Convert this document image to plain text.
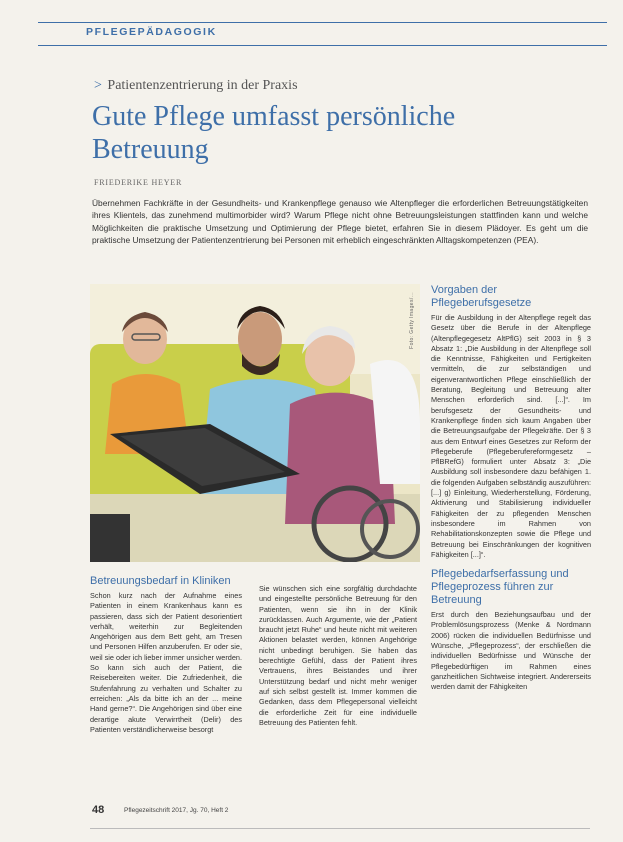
PFLEGEPÄDAGOGIK
> Patientenzentrierung in der Praxis
Gute Pflege umfasst persönliche Betreuung
FRIEDERIKE HEYER

Übernehmen Fachkräfte in der Gesundheits- und Krankenpflege genauso wie Altenpfleger die erforderlichen Betreuungstätigkeiten ihres Klientels, das zunehmend multimorbider wird? Warum Pflege nicht ohne Betreuungsleistungen stattfinden kann und welche Möglichkeiten die praktische Umsetzung und Optimierung der Pflege bietet, erfahren Sie in diesem Plädoyer. Es geht um die praktische Umsetzung der Patientenzentrierung bei Personen mit erheblich eingeschränkten Alltagskompetenzen (PEA).

Foto: Getty Images/...
Betreuungsbedarf in Kliniken

Schon kurz nach der Aufnahme eines Patienten in einem Krankenhaus kann es passieren, dass sich der Patient desorientiert verhält, weiterhin zur Begleitenden Angehörigen aus dem Bett geht, am Tresen und Personen Hilfen anzuberufen. Er oder sie, weil sie oder ich lieber immer unsicher werden. So kann sich auch der Patient, die Reisebereiten weiter. Die Zufriedenheit, die Stufenfahrung zu verhalten und Schalter zu erreichen: „Als da bitte ich an der ... meine Hand gerne?“. Die Angehörigen sind über eine derartige akute Verwirrtheit (Delir) des Patienten verständlicherweise besorgt

Sie wünschen sich eine sorgfältig durchdachte und eingestellte persönliche Betreuung für den Patienten, wenn sie ihn in der Klinik zurücklassen. Auch Argumente, wie der „Patient braucht jetzt Ruhe“ und heute nicht mit weiteren Aktionen belastet werden, können Angehörige nicht unbedingt beruhigen. Sie haben das berechtigte Gefühl, dass der Patient ihres Vertrauens, ihres Beistandes und ihrer Unterstützung bedarf und nicht mehr weniger auf sich selbst gestellt ist. Immer kommen die Gedanken, dass dem Pflegepersonal vielleicht die erforderliche Zeit für eine individuelle Betreuung des Patienten fehlt.

Vorgaben der Pflegeberufsgesetze

Für die Ausbildung in der Altenpflege regelt das Gesetz über die Berufe in der Altenpflege (Altenpflegegesetz AltPflG) seit 2003 in § 3 Absatz 1: „Die Ausbildung in der Altenpflege soll die Kenntnisse, Fähigkeiten und Fertigkeiten vermitteln, die zur selbständigen und eigenverantwortlichen Pflege einschließlich der Beratung, Begleitung und Betreuung alter Menschen erforderlich sind. [...]“. Im berufsgesetz der Gesundheits- und Krankenpflege finden sich kaum Angaben über die Betreuungsaufgabe der Pflegekräfte. Der § 3 aus dem Entwurf eines Gesetzes zur Reform der Pflegeberufe (Pflegeberufereformgesetz – PflBRefG) formuliert unter Absatz 3: „Die Ausbildung soll insbesondere dazu befähigen 1. die folgenden Aufgaben selbständig auszuführen: [...] g) Einleitung, Wiederherstellung, Förderung, Aktivierung und Stabilisierung individueller Fähigkeiten der zu pflegenden Menschen insbesondere im Rahmen von Rehabilitationskonzepten sowie die Pflege und Betreuung bei Einschränkungen der kognitiven Fähigkeiten [...]“.

Pflegebedarfserfassung und Pflegeprozess führen zur Betreuung

Erst durch den Beziehungsaufbau und der Problemlösungsprozess (Menke & Nordmann 2006) rücken die individuellen Bedürfnisse und Wünsche, „Pflegeprozess“, der erschließen die individuellen Bedürfnisse und Wünsche der Pflegebedürftigen im Rahmen eines ganzheitlichen Sichtweise integriert. Andererseits werden damit der Fähigkeiten

48	Pflegezeitschrift 2017, Jg. 70, Heft 2
